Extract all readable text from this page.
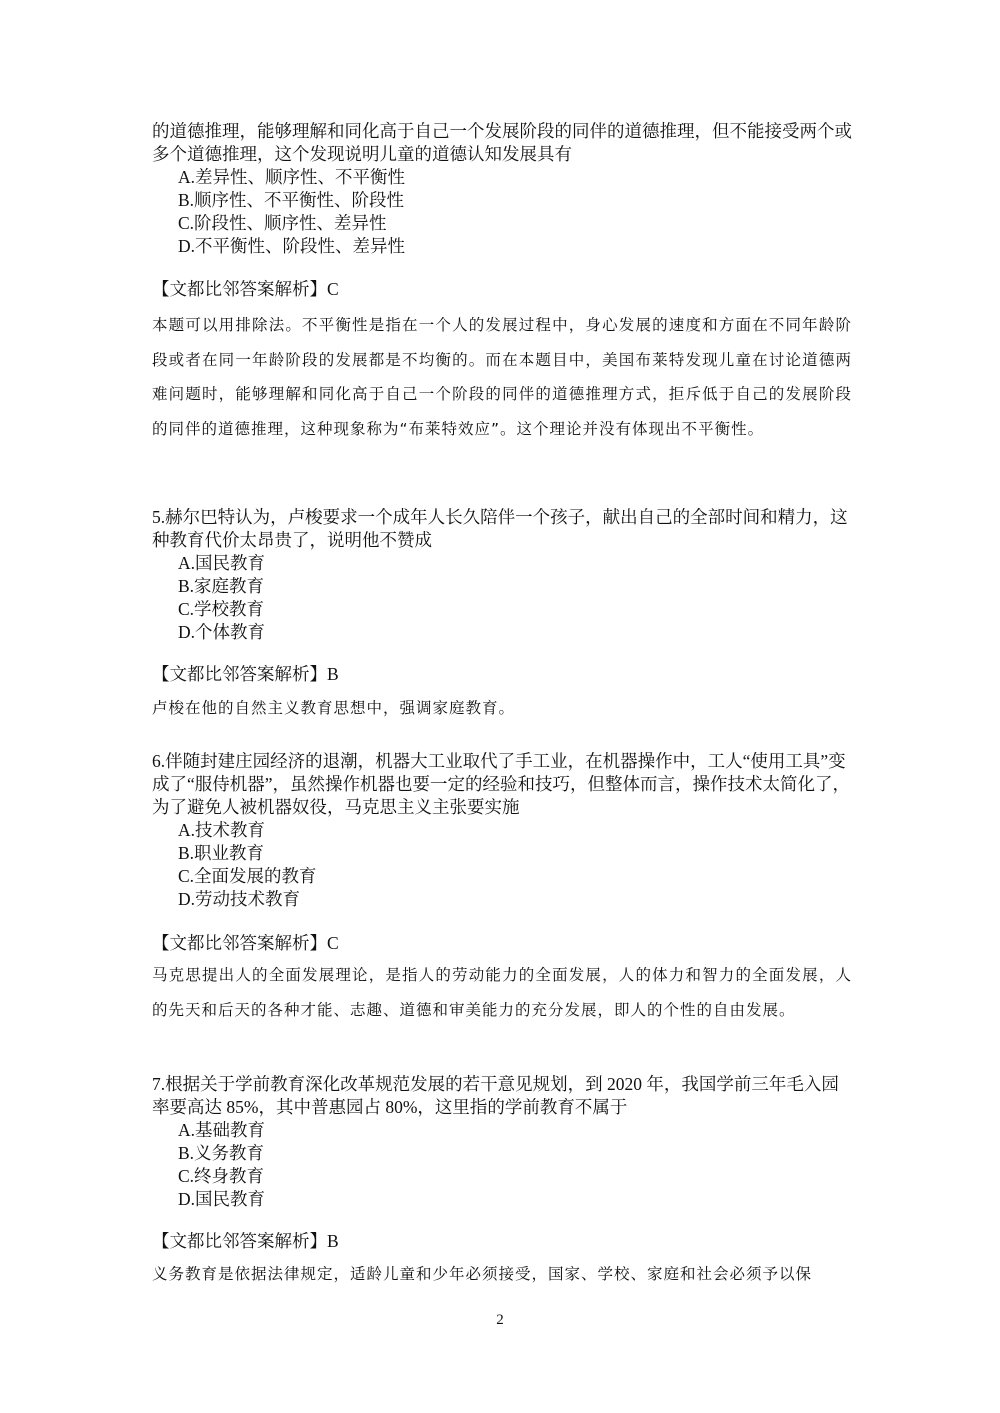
的道德推理，能够理解和同化高于自己一个发展阶段的同伴的道德推理，但不能接受两个或多个道德推理，这个发现说明儿童的道德认知发展具有

A.差异性、顺序性、不平衡性
B.顺序性、不平衡性、阶段性
C.阶段性、顺序性、差异性
D.不平衡性、阶段性、差异性

【文都比邻答案解析】C

本题可以用排除法。不平衡性是指在一个人的发展过程中，身心发展的速度和方面在不同年龄阶段或者在同一年龄阶段的发展都是不均衡的。而在本题目中，美国布莱特发现儿童在讨论道德两难问题时，能够理解和同化高于自己一个阶段的同伴的道德推理方式，拒斥低于自己的发展阶段的同伴的道德推理，这种现象称为“布莱特效应”。这个理论并没有体现出不平衡性。

5.赫尔巴特认为，卢梭要求一个成年人长久陪伴一个孩子，献出自己的全部时间和精力，这种教育代价太昂贵了，说明他不赞成

A.国民教育
B.家庭教育
C.学校教育
D.个体教育

【文都比邻答案解析】B

卢梭在他的自然主义教育思想中，强调家庭教育。

6.伴随封建庄园经济的退潮，机器大工业取代了手工业，在机器操作中，工人“使用工具”变成了“服侍机器”，虽然操作机器也要一定的经验和技巧，但整体而言，操作技术太简化了，为了避免人被机器奴役，马克思主义主张要实施

A.技术教育
B.职业教育
C.全面发展的教育
D.劳动技术教育

【文都比邻答案解析】C

马克思提出人的全面发展理论，是指人的劳动能力的全面发展，人的体力和智力的全面发展，人的先天和后天的各种才能、志趣、道德和审美能力的充分发展，即人的个性的自由发展。

7.根据关于学前教育深化改革规范发展的若干意见规划，到 2020 年，我国学前三年毛入园率要高达 85%，其中普惠园占 80%，这里指的学前教育不属于

A.基础教育
B.义务教育
C.终身教育
D.国民教育

【文都比邻答案解析】B

义务教育是依据法律规定，适龄儿童和少年必须接受，国家、学校、家庭和社会必须予以保

2
